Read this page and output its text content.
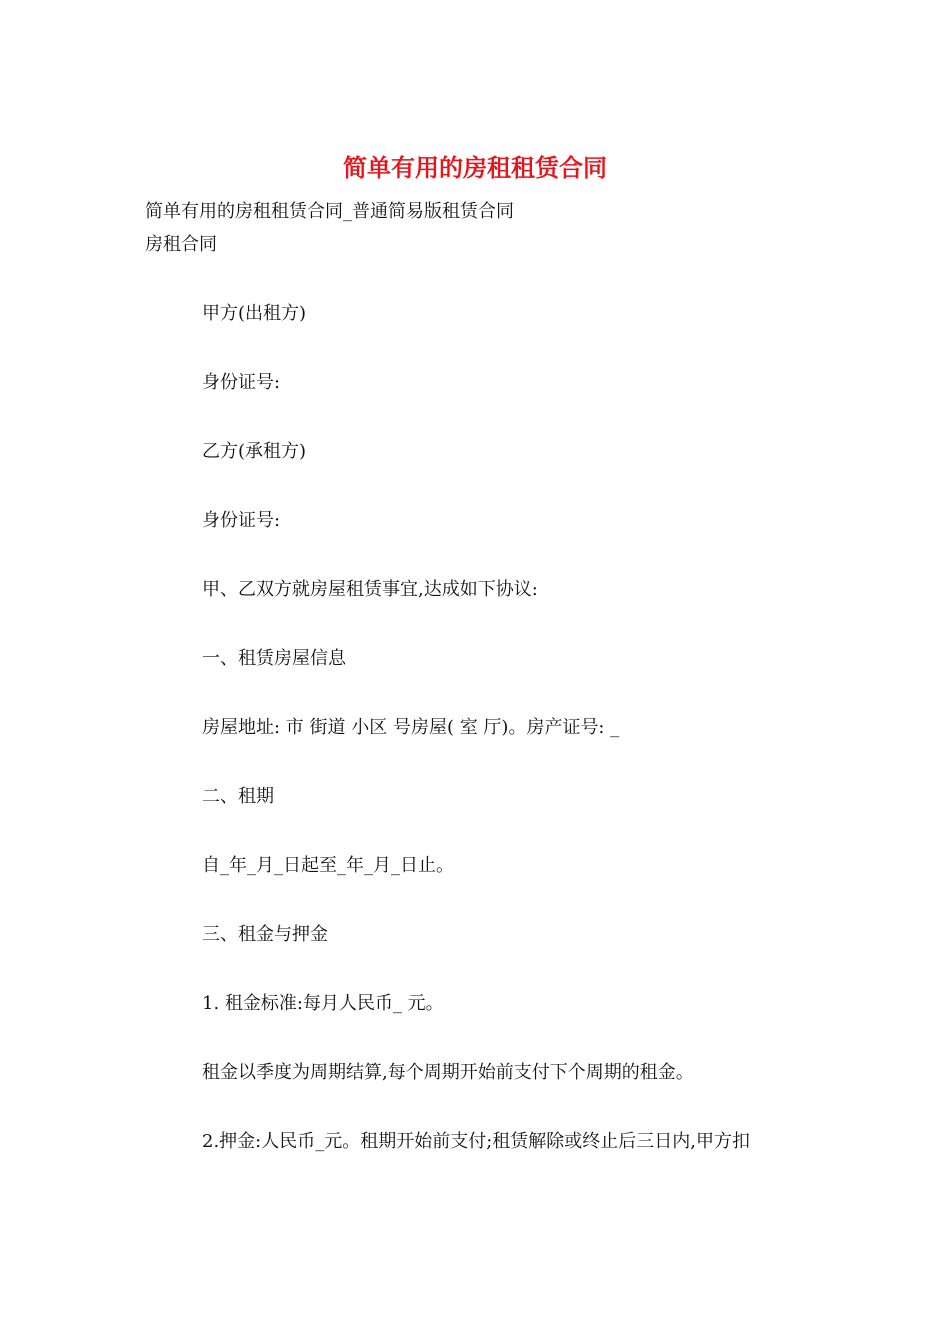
简单有用的房租租赁合同
简单有用的房租租赁合同_普通简易版租赁合同
房租合同
甲方(出租方)
身份证号:
乙方(承租方)
身份证号:
甲、乙双方就房屋租赁事宜,达成如下协议:
一、租赁房屋信息
房屋地址: 市 街道 小区 号房屋( 室 厅)。房产证号: _
二、租期
自_年_月_日起至_年_月_日止。
三、租金与押金
1. 租金标准:每月人民币_ 元。
租金以季度为周期结算,每个周期开始前支付下个周期的租金。
2.押金:人民币_元。租期开始前支付;租赁解除或终止后三日内,甲方扣
